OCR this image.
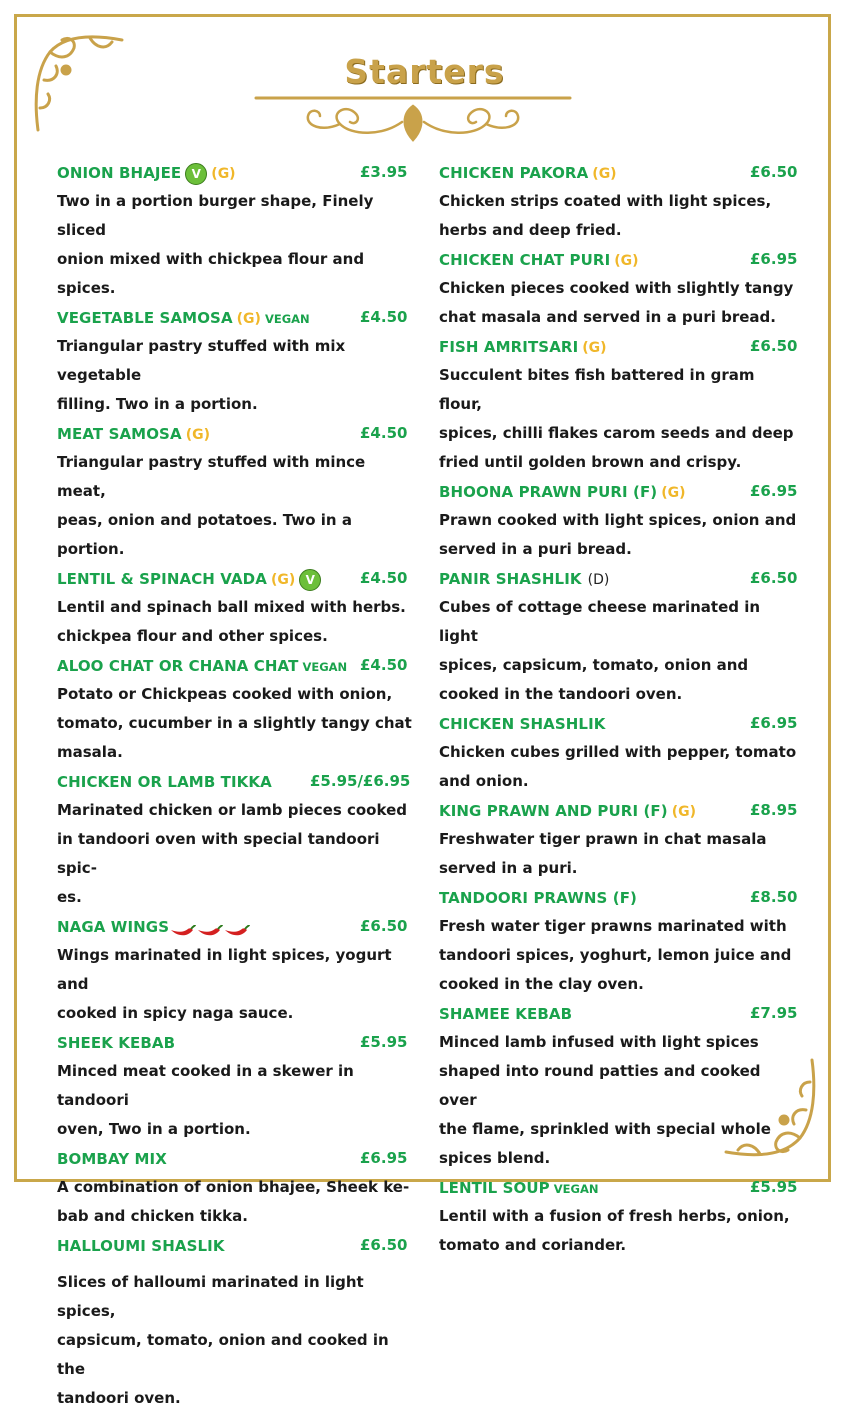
Starters
ONION BHAJEE V (G)	£3.95
Two in a portion burger shape, Finely sliced
onion mixed with chickpea flour and spices.
VEGETABLE SAMOSA (G) VEGAN	£4.50
Triangular pastry stuffed with mix vegetable
filling. Two in a portion.
MEAT SAMOSA (G)	£4.50
Triangular pastry stuffed with mince meat,
peas, onion and potatoes. Two in a portion.
LENTIL & SPINACH VADA (G) V	£4.50
Lentil and spinach ball mixed with herbs.
chickpea flour and other spices.
ALOO CHAT OR CHANA CHAT VEGAN £4.50
Potato or Chickpeas cooked with onion,
tomato, cucumber in a slightly tangy chat
masala.
CHICKEN OR LAMB TIKKA	£5.95/£6.95
Marinated chicken or lamb pieces cooked
in tandoori oven with special tandoori spic-
es.
NAGA WINGS	£6.50
Wings marinated in light spices, yogurt and
cooked in spicy naga sauce.
SHEEK KEBAB	£5.95
Minced meat cooked in a skewer in tandoori
oven, Two in a portion.
BOMBAY MIX	£6.95
A combination of onion bhajee, Sheek ke-
bab and chicken tikka.
HALLOUMI SHASLIK	£6.50
Slices of halloumi marinated in light spices,
capsicum, tomato, onion and cooked in the
tandoori oven.
CHICKEN PAKORA (G)	£6.50
Chicken strips coated with light spices,
herbs and deep fried.
CHICKEN CHAT PURI (G)	£6.95
Chicken pieces cooked with slightly tangy
chat masala and served in a puri bread.
FISH AMRITSARI (G)	£6.50
Succulent bites fish battered in gram flour,
spices, chilli flakes carom seeds and deep
fried until golden brown and crispy.
BHOONA PRAWN PURI (F) (G)	£6.95
Prawn cooked with light spices, onion and
served in a puri bread.
PANIR SHASHLIK (D)	£6.50
Cubes of cottage cheese marinated in light
spices, capsicum, tomato, onion and
cooked in the tandoori oven.
CHICKEN SHASHLIK	£6.95
Chicken cubes grilled with pepper, tomato
and onion.
KING PRAWN AND PURI (F) (G)	£8.95
Freshwater tiger prawn in chat masala
served in a puri.
TANDOORI PRAWNS (F)	£8.50
Fresh water tiger prawns marinated with
tandoori spices, yoghurt, lemon juice and
cooked in the clay oven.
SHAMEE KEBAB	£7.95
Minced lamb infused with light spices
shaped into round patties and cooked over
the flame, sprinkled with special whole
spices blend.
LENTIL SOUP VEGAN	£5.95
Lentil with a fusion of fresh herbs, onion,
tomato and coriander.
